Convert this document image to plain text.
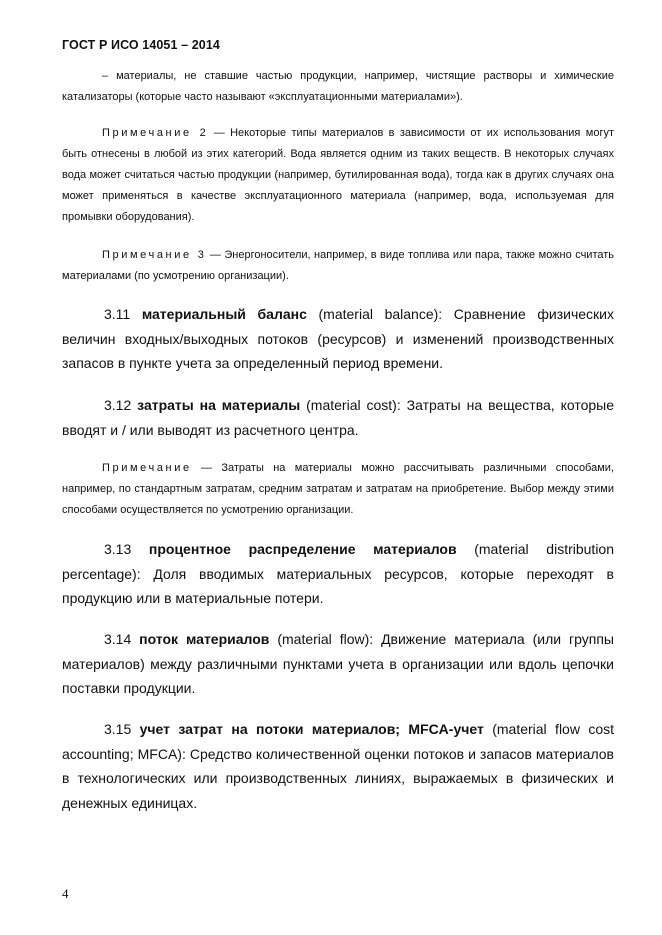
ГОСТ Р ИСО 14051 – 2014

– материалы, не ставшие частью продукции, например, чистящие растворы и химические катализаторы (которые часто называют «эксплуатационными материалами»).

Примечание 2 — Некоторые типы материалов в зависимости от их использования могут быть отнесены в любой из этих категорий. Вода является одним из таких веществ. В некоторых случаях вода может считаться частью продукции (например, бутилированная вода), тогда как в других случаях она может применяться в качестве эксплуатационного материала (например, вода, используемая для промывки оборудования).

Примечание 3 — Энергоносители, например, в виде топлива или пара, также можно считать материалами (по усмотрению организации).

3.11 материальный баланс (material balance): Сравнение физических величин входных/выходных потоков (ресурсов) и изменений производственных запасов в пункте учета за определенный период времени.

3.12 затраты на материалы (material cost): Затраты на вещества, которые вводят и / или выводят из расчетного центра.

Примечание — Затраты на материалы можно рассчитывать различными способами, например, по стандартным затратам, средним затратам и затратам на приобретение. Выбор между этими способами осуществляется по усмотрению организации.

3.13 процентное распределение материалов (material distribution percentage): Доля вводимых материальных ресурсов, которые переходят в продукцию или в материальные потери.

3.14 поток материалов (material flow): Движение материала (или группы материалов) между различными пунктами учета в организации или вдоль цепочки поставки продукции.

3.15 учет затрат на потоки материалов; MFCA-учет (material flow cost accounting; MFCA): Средство количественной оценки потоков и запасов материалов в технологических или производственных линиях, выражаемых в физических и денежных единицах.

4
